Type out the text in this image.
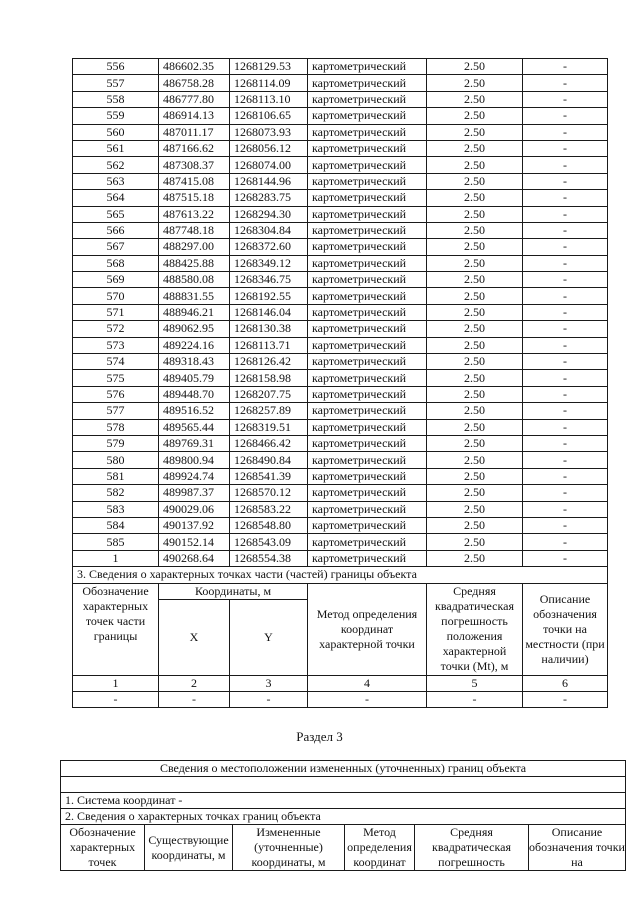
556	486602.35	1268129.53	картометрический	2.50	-
557	486758.28	1268114.09	картометрический	2.50	-
558	486777.80	1268113.10	картометрический	2.50	-
559	486914.13	1268106.65	картометрический	2.50	-
560	487011.17	1268073.93	картометрический	2.50	-
561	487166.62	1268056.12	картометрический	2.50	-
562	487308.37	1268074.00	картометрический	2.50	-
563	487415.08	1268144.96	картометрический	2.50	-
564	487515.18	1268283.75	картометрический	2.50	-
565	487613.22	1268294.30	картометрический	2.50	-
566	487748.18	1268304.84	картометрический	2.50	-
567	488297.00	1268372.60	картометрический	2.50	-
568	488425.88	1268349.12	картометрический	2.50	-
569	488580.08	1268346.75	картометрический	2.50	-
570	488831.55	1268192.55	картометрический	2.50	-
571	488946.21	1268146.04	картометрический	2.50	-
572	489062.95	1268130.38	картометрический	2.50	-
573	489224.16	1268113.71	картометрический	2.50	-
574	489318.43	1268126.42	картометрический	2.50	-
575	489405.79	1268158.98	картометрический	2.50	-
576	489448.70	1268207.75	картометрический	2.50	-
577	489516.52	1268257.89	картометрический	2.50	-
578	489565.44	1268319.51	картометрический	2.50	-
579	489769.31	1268466.42	картометрический	2.50	-
580	489800.94	1268490.84	картометрический	2.50	-
581	489924.74	1268541.39	картометрический	2.50	-
582	489987.37	1268570.12	картометрический	2.50	-
583	490029.06	1268583.22	картометрический	2.50	-
584	490137.92	1268548.80	картометрический	2.50	-
585	490152.14	1268543.09	картометрический	2.50	-
1	490268.64	1268554.38	картометрический	2.50	-
3. Сведения о характерных точках части (частей) границы объекта					
Обозначение характерных точек части границы	Координаты, м		Метод определения координат характерной точки	Средняя квадратическая погрешность положения характерной точки (Mt), м	Описание обозначения точки на местности (при наличии)
	X	Y			
1	2	3	4	5	6
-	-	-	-	-	-
Раздел 3
Сведения о местоположении измененных (уточненных) границ объекта

1. Система координат -
2. Сведения о характерных точках границ объекта
Обозначение характерных точек	Существующие координаты, м	Измененные (уточненные) координаты, м	Метод определения координат	Средняя квадратическая погрешность	Описание обозначения точки на
